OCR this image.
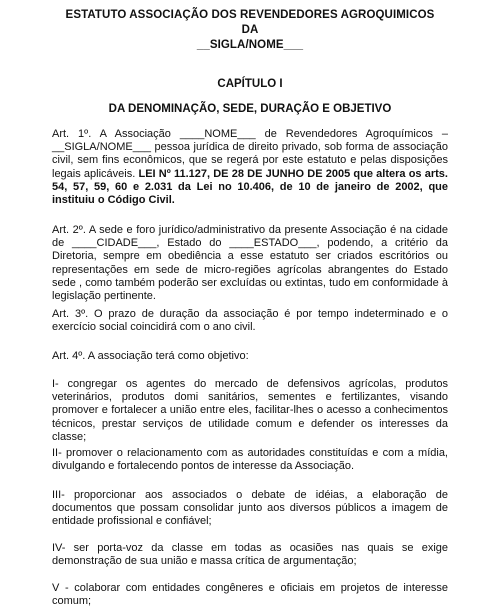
ESTATUTO ASSOCIAÇÃO DOS REVENDEDORES AGROQUIMICOS DA
__SIGLA/NOME___
CAPÍTULO I
DA DENOMINAÇÃO, SEDE, DURAÇÃO E OBJETIVO

Art. 1º. A Associação ____NOME___ de Revendedores Agroquímicos – __SIGLA/NOME___ pessoa jurídica de direito privado, sob forma de associação civil, sem fins econômicos, que se regerá por este estatuto e pelas disposições legais aplicáveis. LEI Nº 11.127, DE 28 DE JUNHO DE 2005 que altera os arts. 54, 57, 59, 60 e 2.031 da Lei no 10.406, de 10 de janeiro de 2002, que instituiu o Código Civil.

Art. 2º. A sede e foro jurídico/administrativo da presente Associação é na cidade de ____CIDADE___, Estado do ____ESTADO___, podendo, a critério da Diretoria, sempre em obediência a esse estatuto ser criados escritórios ou representações em sede de micro-regiões agrícolas abrangentes do Estado sede , como também poderão ser excluídas ou extintas, tudo em conformidade à legislação pertinente.

Art. 3º. O prazo de duração da associação é por tempo indeterminado e o exercício social coincidirá com o ano civil.

Art. 4º. A associação terá como objetivo:

I- congregar os agentes do mercado de defensivos agrícolas, produtos veterinários, produtos domi sanitários, sementes e fertilizantes, visando promover e fortalecer a união entre eles, facilitar-lhes o acesso a conhecimentos técnicos, prestar serviços de utilidade comum e defender os interesses da classe;

II- promover o relacionamento com as autoridades constituídas e com a mídia, divulgando e fortalecendo pontos de interesse da Associação.

III- proporcionar aos associados o debate de idéias, a elaboração de documentos que possam consolidar junto aos diversos públicos a imagem de entidade profissional e confiável;

IV- ser porta-voz da classe em todas as ocasiões nas quais se exige demonstração de sua união e massa crítica de argumentação;

V - colaborar com entidades congêneres e oficiais em projetos de interesse comum;
